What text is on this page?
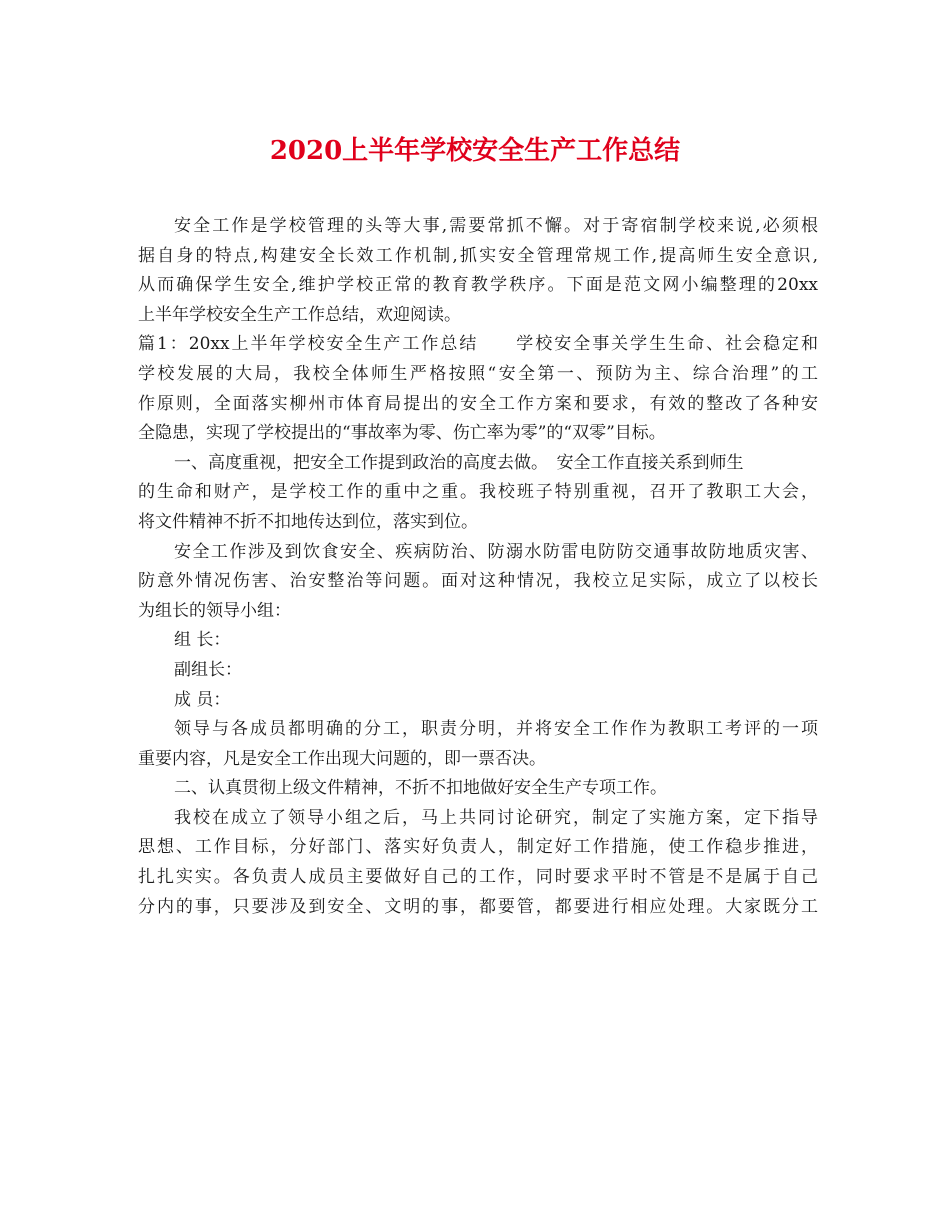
2020上半年学校安全生产工作总结
安全工作是学校管理的头等大事,需要常抓不懈。对于寄宿制学校来说,必须根
据自身的特点,构建安全长效工作机制,抓实安全管理常规工作,提高师生安全意识,
从而确保学生安全,维护学校正常的教育教学秩序。下面是范文网小编整理的20xx
上半年学校安全生产工作总结，欢迎阅读。
篇1：20xx上半年学校安全生产工作总结　　学校安全事关学生生命、社会稳定和
学校发展的大局，我校全体师生严格按照“安全第一、预防为主、综合治理”的工
作原则，全面落实柳州市体育局提出的安全工作方案和要求，有效的整改了各种安
全隐患，实现了学校提出的“事故率为零、伤亡率为零”的“双零”目标。
一、高度重视，把安全工作提到政治的高度去做。　安全工作直接关系到师生
的生命和财产，是学校工作的重中之重。我校班子特别重视，召开了教职工大会，
将文件精神不折不扣地传达到位，落实到位。
安全工作涉及到饮食安全、疾病防治、防溺水防雷电防防交通事故防地质灾害、
防意外情况伤害、治安整治等问题。面对这种情况，我校立足实际，成立了以校长
为组长的领导小组：
组 长：
副组长：
成 员：
领导与各成员都明确的分工，职责分明，并将安全工作作为教职工考评的一项
重要内容，凡是安全工作出现大问题的，即一票否决。
二、认真贯彻上级文件精神，不折不扣地做好安全生产专项工作。
我校在成立了领导小组之后，马上共同讨论研究，制定了实施方案，定下指导
思想、工作目标，分好部门、落实好负责人，制定好工作措施，使工作稳步推进，
扎扎实实。各负责人成员主要做好自己的工作，同时要求平时不管是不是属于自己
分内的事，只要涉及到安全、文明的事，都要管，都要进行相应处理。大家既分工
